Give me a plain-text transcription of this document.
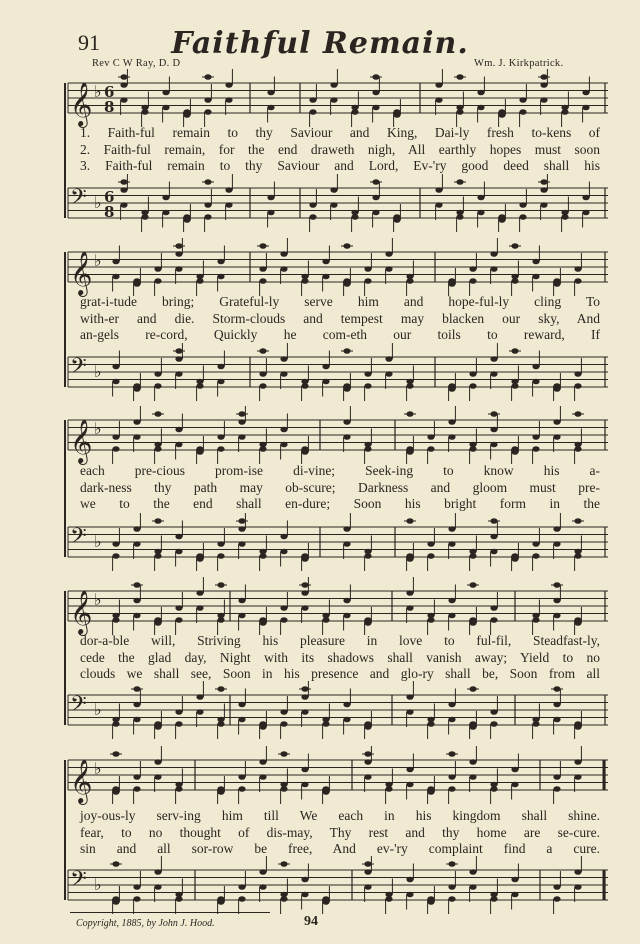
91	Faithful Remain.
Rev C W Ray, D. D	Wm. J. Kirkpatrick.
𝄞 ♭ 6
8
𝄢 ♭ 6
8
𝄞 ♭
𝄢 ♭
𝄞 ♭
𝄢 ♭
𝄞 ♭
𝄢 ♭
𝄞 ♭
𝄢 ♭
1. Faith-ful remain to thy Saviour and King, Dai-ly fresh to-kens of
2. Faith-ful remain, for the end draweth nigh, All earthly hopes must soon
3. Faith-ful remain to thy Saviour and Lord, Ev-'ry good deed shall his
grat-i-tude bring; Grateful-ly serve him and hope-ful-ly cling To
with-er and die. Storm-clouds and tempest may blacken our sky, And
an-gels re-cord, Quickly he com-eth our toils to reward, If
each pre-cious prom-ise di-vine; Seek-ing to know his a-
dark-ness thy path may ob-scure; Darkness and gloom must pre-
we to the end shall en-dure; Soon his bright form in the
dor-a-ble will, Striving his pleasure in love to ful-fil, Steadfast-ly,
cede the glad day, Night with its shadows shall vanish away; Yield to no
clouds we shall see, Soon in his presence and glo-ry shall be, Soon from all
joy-ous-ly serv-ing him till We each in his kingdom shall shine.
fear, to no thought of dis-may, Thy rest and thy home are se-cure.
sin and all sor-row be free, And ev-'ry complaint find a cure.
Copyright, 1885, by John J. Hood.	94
